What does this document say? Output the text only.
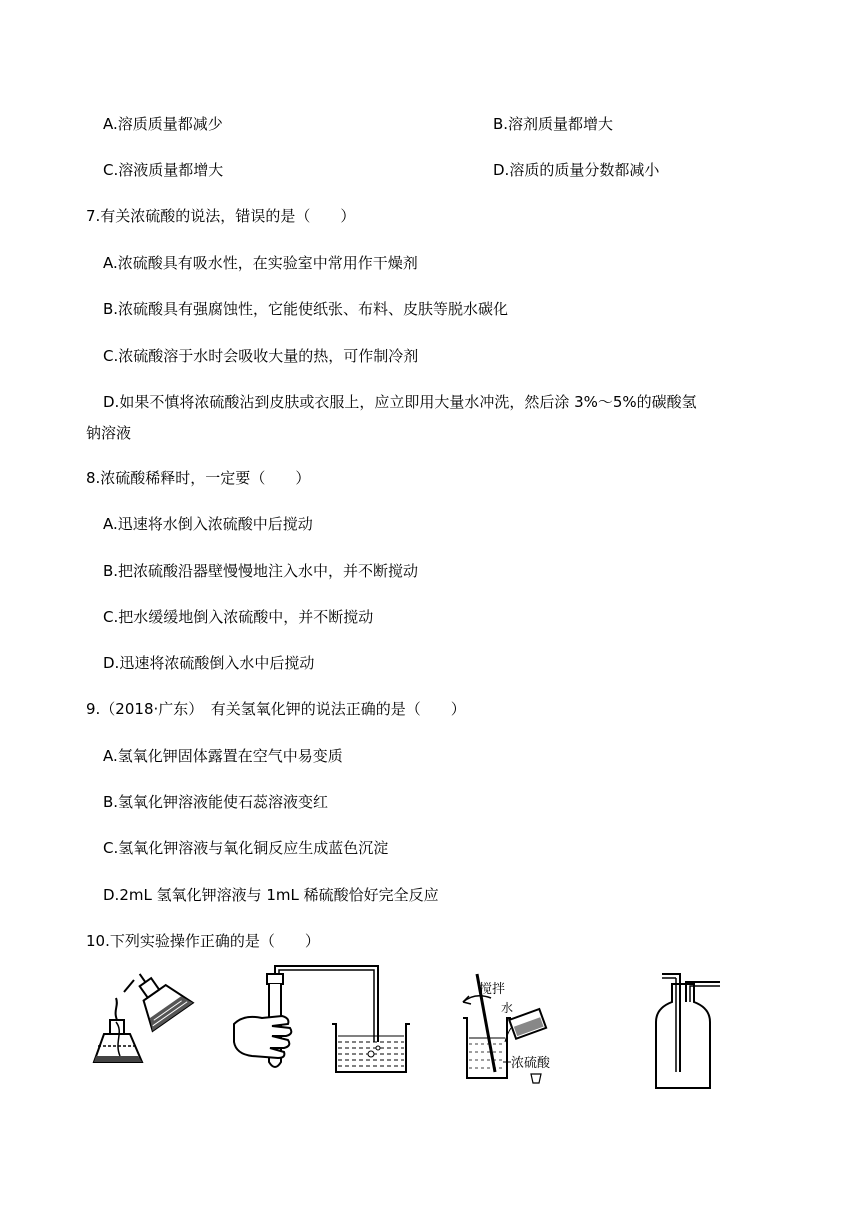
A.溶质质量都减少	B.溶剂质量都增大
C.溶液质量都增大	D.溶质的质量分数都减小
7.有关浓硫酸的说法，错误的是（　　）
A.浓硫酸具有吸水性，在实验室中常用作干燥剂
B.浓硫酸具有强腐蚀性，它能使纸张、布料、皮肤等脱水碳化
C.浓硫酸溶于水时会吸收大量的热，可作制冷剂
D.如果不慎将浓硫酸沾到皮肤或衣服上，应立即用大量水冲洗，然后涂 3%～5%的碳酸氢
钠溶液
8.浓硫酸稀释时，一定要（　　）
A.迅速将水倒入浓硫酸中后搅动
B.把浓硫酸沿器壁慢慢地注入水中，并不断搅动
C.把水缓缓地倒入浓硫酸中，并不断搅动
D.迅速将浓硫酸倒入水中后搅动
9.（2018·广东）　有关氢氧化钾的说法正确的是（　　）
A.氢氧化钾固体露置在空气中易变质
B.氢氧化钾溶液能使石蕊溶液变红
C.氢氧化钾溶液与氧化铜反应生成蓝色沉淀
D.2mL 氢氧化钾溶液与 1mL 稀硫酸恰好完全反应
10.下列实验操作正确的是（　　）
搅拌
水
浓硫酸
